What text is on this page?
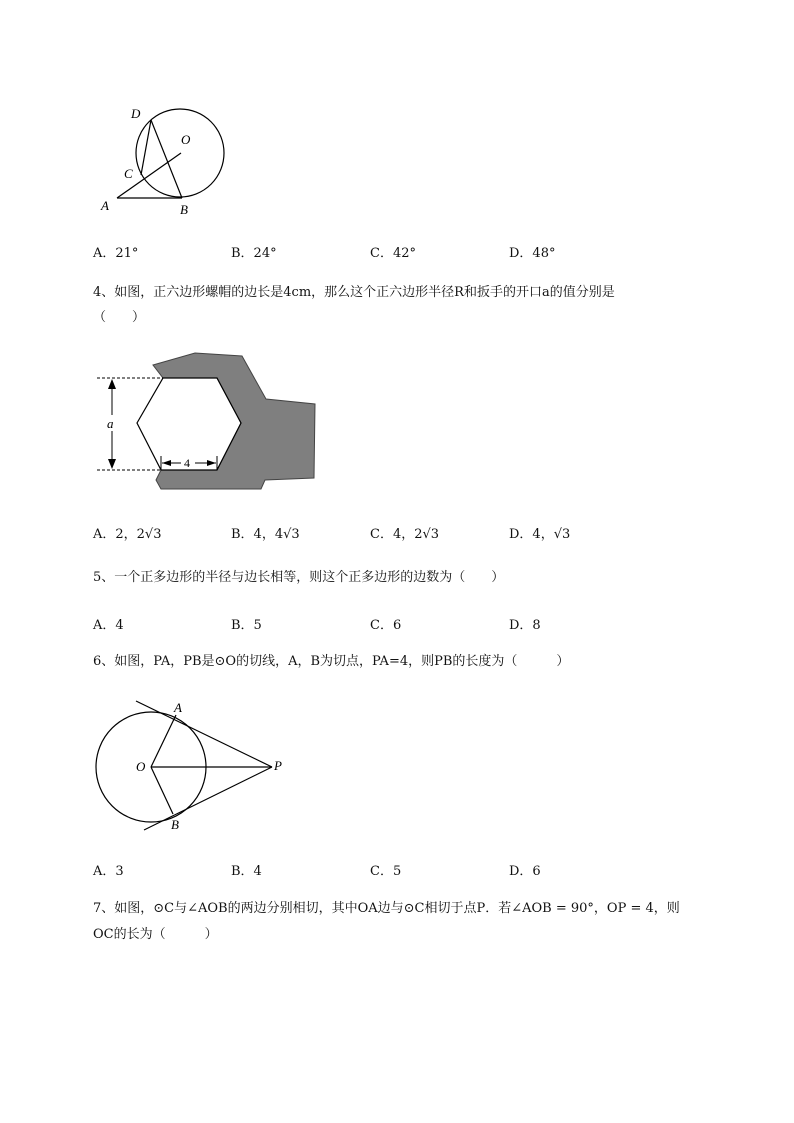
D
O
C
A	B
A．21°	B．24°	C．42°	D．48°
4、如图，正六边形螺帽的边长是4cm，那么这个正六边形半径R和扳手的开口a的值分别是
（　　）
a
4
A．2，2√3	B．4，4√3	C．4，2√3	D．4，√3
5、一个正多边形的半径与边长相等，则这个正多边形的边数为（　　）
A．4	B．5	C．6	D．8
6、如图，PA，PB是⊙O的切线，A，B为切点，PA=4，则PB的长度为（　　　）
A
O	P
B
A．3	B．4	C．5	D．6
7、如图，⊙C与∠AOB的两边分别相切，其中OA边与⊙C相切于点P．若∠AOB = 90°，OP = 4，则
OC的长为（　　　）
